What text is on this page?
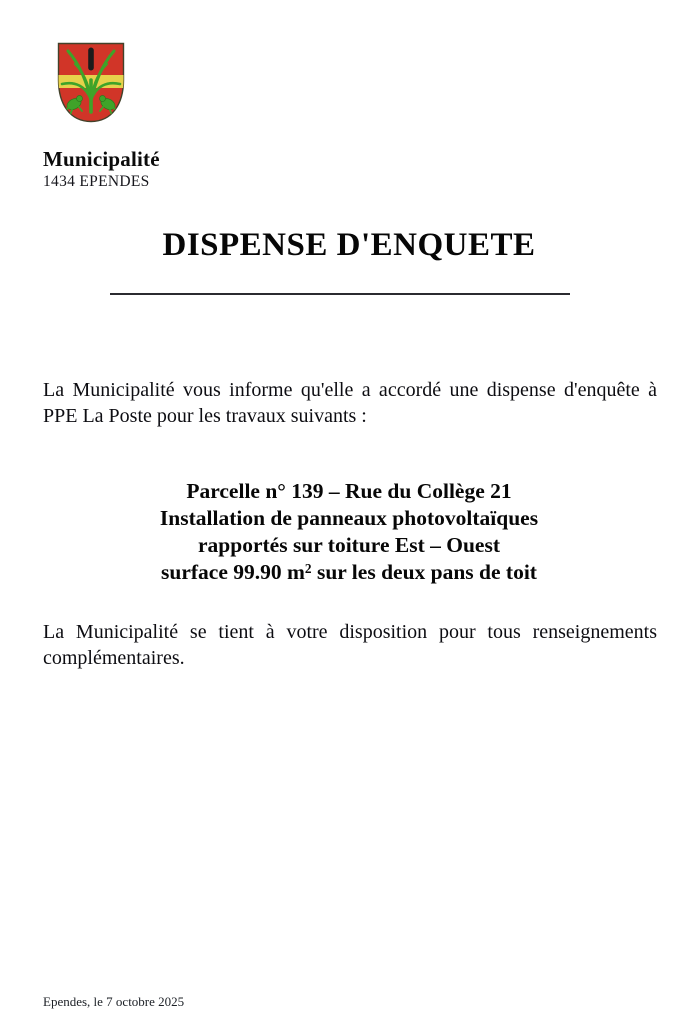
Municipalité
1434 EPENDES
DISPENSE D'ENQUETE
La Municipalité vous informe qu'elle a accordé une dispense d'enquête à PPE La Poste pour les travaux suivants :
Parcelle n° 139 – Rue du Collège 21
Installation de panneaux photovoltaïques
rapportés sur toiture Est – Ouest
surface 99.90 $m^2$ sur les deux pans de toit
La Municipalité se tient à votre disposition pour tous renseignements complémentaires.
Ependes, le 7 octobre 2025
